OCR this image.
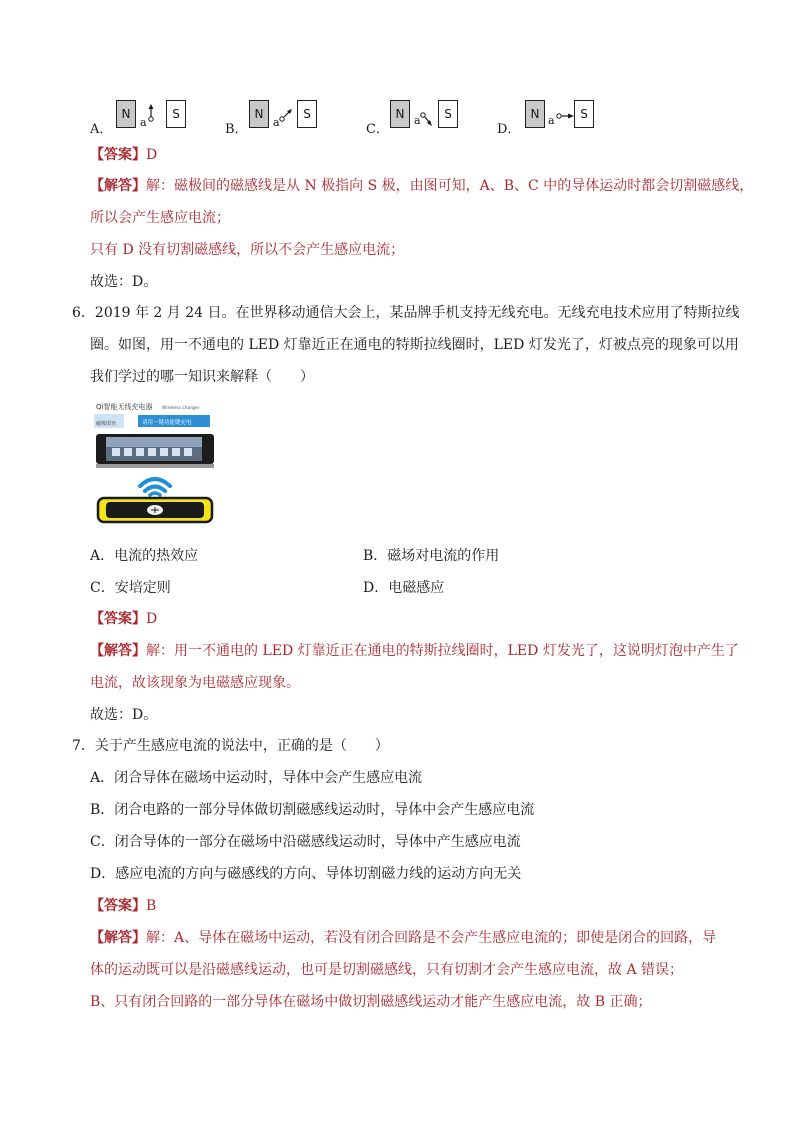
A．
N
a
S
B．
N
a
S
C．
N a	S
D．
N a	S
【答案】D
【解答】解：磁极间的磁感线是从 N 极指向 S 极，由图可知，A、B、C 中的导体运动时都会切割磁感线，
所以会产生感应电流；
只有 D 没有切割磁感线，所以不会产生感应电流；
故选：D。
6．2019 年 2 月 24 日。在世界移动通信大会上，某品牌手机支持无线充电。无线充电技术应用了特斯拉线
圈。如图，用一不通电的 LED 灯靠近正在通电的特斯拉线圈时，LED 灯发光了，灯被点亮的现象可以用
我们学过的哪一知识来解释（　　）
Qi智能无线充电器 Wireless charger
磁吸即充	请用一键功能键充电
A．电流的热效应	B．磁场对电流的作用
C．安培定则	D．电磁感应
【答案】D
【解答】解：用一不通电的 LED 灯靠近正在通电的特斯拉线圈时，LED 灯发光了，这说明灯泡中产生了
电流，故该现象为电磁感应现象。
故选：D。
7．关于产生感应电流的说法中，正确的是（　　）
A．闭合导体在磁场中运动时，导体中会产生感应电流
B．闭合电路的一部分导体做切割磁感线运动时，导体中会产生感应电流
C．闭合导体的一部分在磁场中沿磁感线运动时，导体中产生感应电流
D．感应电流的方向与磁感线的方向、导体切割磁力线的运动方向无关
【答案】B
【解答】解：A、导体在磁场中运动，若没有闭合回路是不会产生感应电流的；即使是闭合的回路，导
体的运动既可以是沿磁感线运动，也可是切割磁感线，只有切割才会产生感应电流，故 A 错误；
B、只有闭合回路的一部分导体在磁场中做切割磁感线运动才能产生感应电流，故 B 正确；
